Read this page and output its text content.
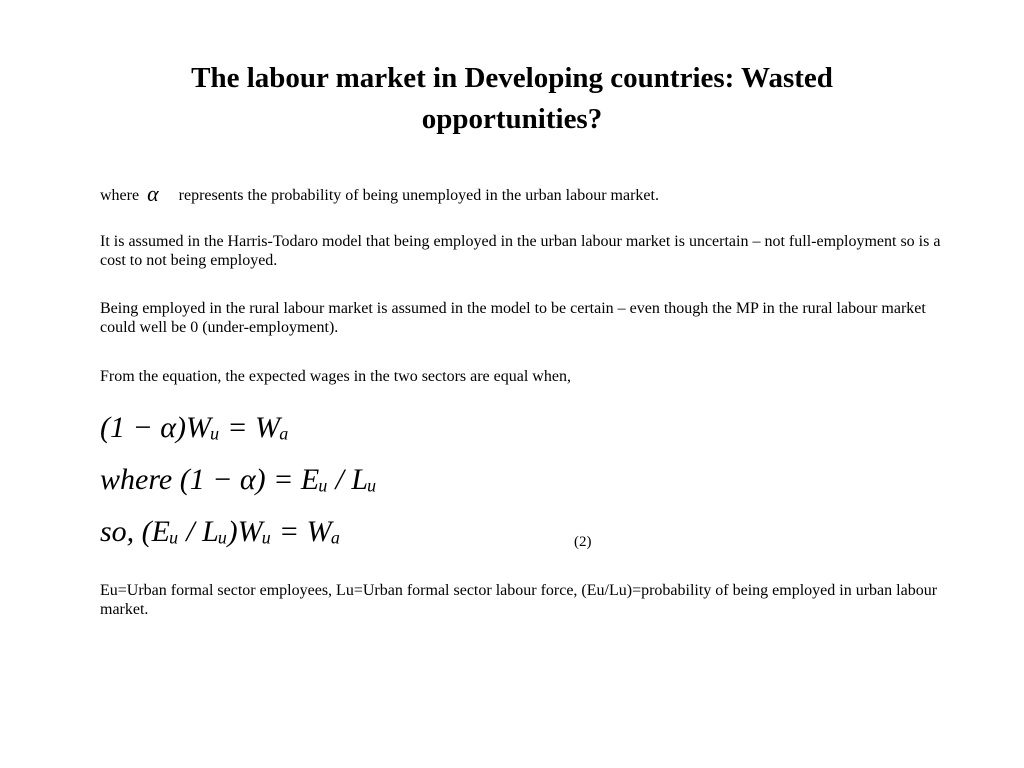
The labour market in Developing countries: Wasted opportunities?
where α represents the probability of being unemployed in the urban labour market.
It is assumed in the Harris-Todaro model that being employed in the urban labour market is uncertain – not full-employment so is a cost to not being employed.
Being employed in the rural labour market is assumed in the model to be certain – even though the MP in the rural labour market could well be 0 (under-employment).
From the equation, the expected wages in the two sectors are equal when,
(1 − α)Wᵤ = Wₐ
where (1 − α) = Eᵤ / Lᵤ
so, (Eᵤ / Lᵤ)Wᵤ = Wₐ	(2)
Eu=Urban formal sector employees, Lu=Urban formal sector labour force, (Eu/Lu)=probability of being employed in urban labour market.
